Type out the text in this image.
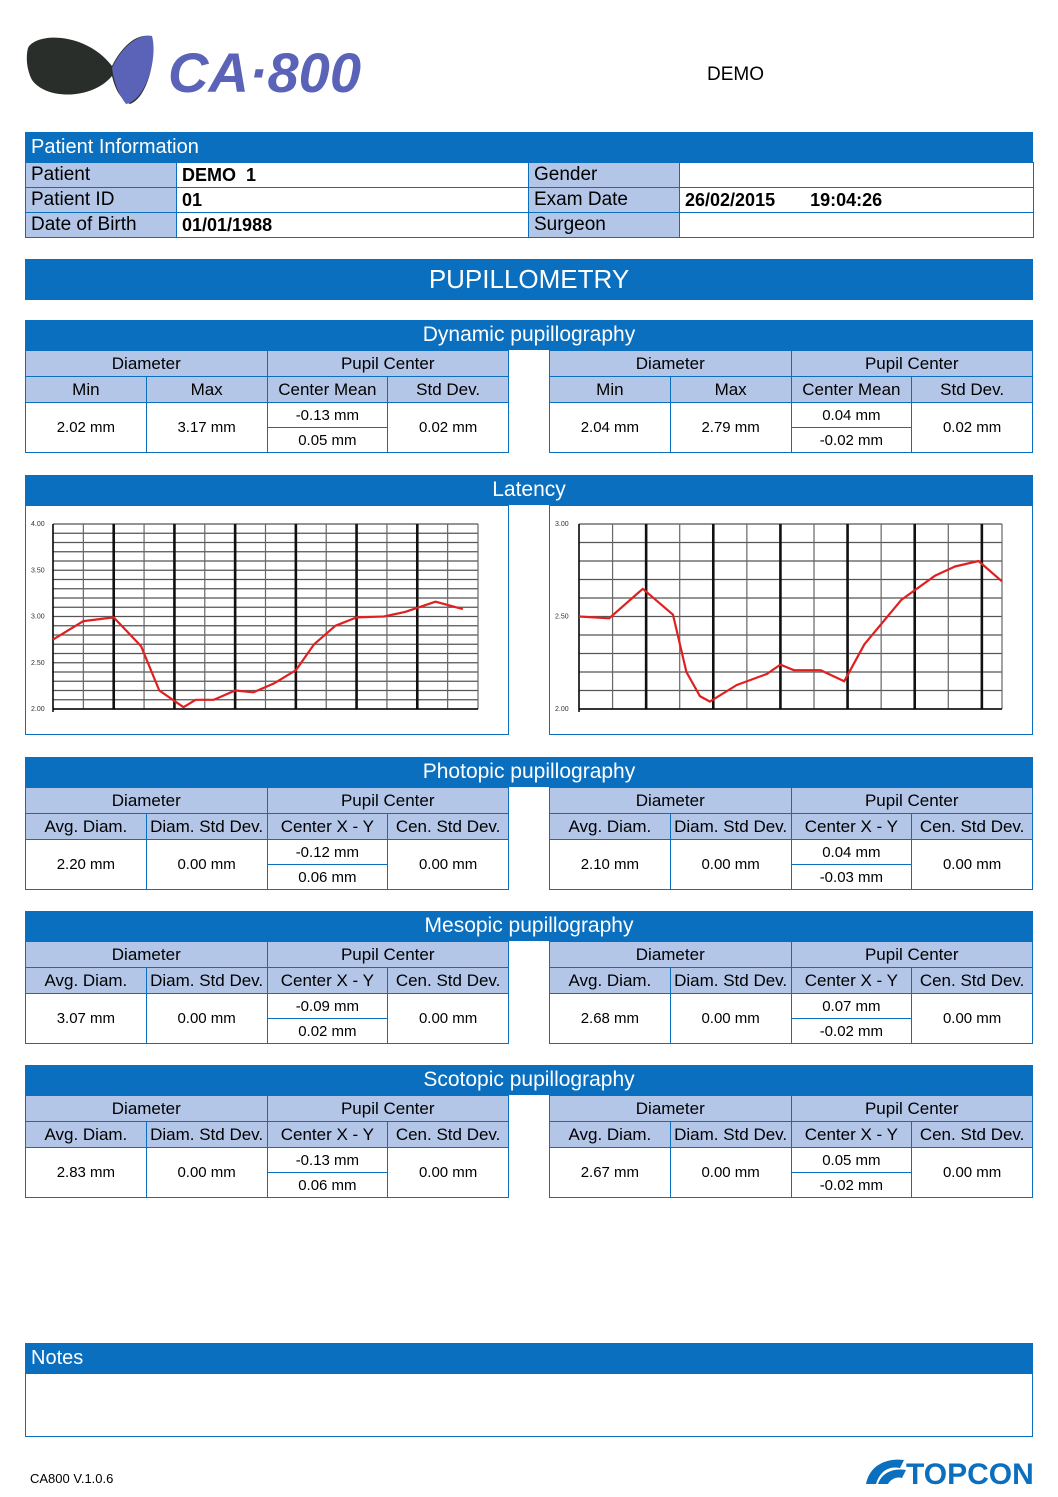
CA·800	DEMO
Patient Information
Patient	DEMO  1	Gender	
Patient ID	01	Exam Date	26/02/2015       19:04:26
Date of Birth	01/01/1988	Surgeon	
PUPILLOMETRY
Dynamic pupillography
Diameter		Pupil Center	
Min	Max	Center Mean	Std Dev.
2.02 mm	3.17 mm	-0.13 mm	0.02 mm
		0.05 mm	
Diameter		Pupil Center	
Min	Max	Center Mean	Std Dev.
2.04 mm	2.79 mm	0.04 mm	0.02 mm
		-0.02 mm	
Latency
2.00
2.50
3.00
3.50
4.00
2.00
2.50
3.00
Photopic pupillography
Diameter		Pupil Center	
Avg. Diam.	Diam. Std Dev.	Center X - Y	Cen. Std Dev.
2.20 mm	0.00 mm	-0.12 mm	0.00 mm
		0.06 mm	
Diameter		Pupil Center	
Avg. Diam.	Diam. Std Dev.	Center X - Y	Cen. Std Dev.
2.10 mm	0.00 mm	0.04 mm	0.00 mm
		-0.03 mm	
Mesopic pupillography
Diameter		Pupil Center	
Avg. Diam.	Diam. Std Dev.	Center X - Y	Cen. Std Dev.
3.07 mm	0.00 mm	-0.09 mm	0.00 mm
		0.02 mm	
Diameter		Pupil Center	
Avg. Diam.	Diam. Std Dev.	Center X - Y	Cen. Std Dev.
2.68 mm	0.00 mm	0.07 mm	0.00 mm
		-0.02 mm	
Scotopic pupillography
Diameter		Pupil Center	
Avg. Diam.	Diam. Std Dev.	Center X - Y	Cen. Std Dev.
2.83 mm	0.00 mm	-0.13 mm	0.00 mm
		0.06 mm	
Diameter		Pupil Center	
Avg. Diam.	Diam. Std Dev.	Center X - Y	Cen. Std Dev.
2.67 mm	0.00 mm	0.05 mm	0.00 mm
		-0.02 mm	
Notes
CA800 V.1.0.6	TOPCON
